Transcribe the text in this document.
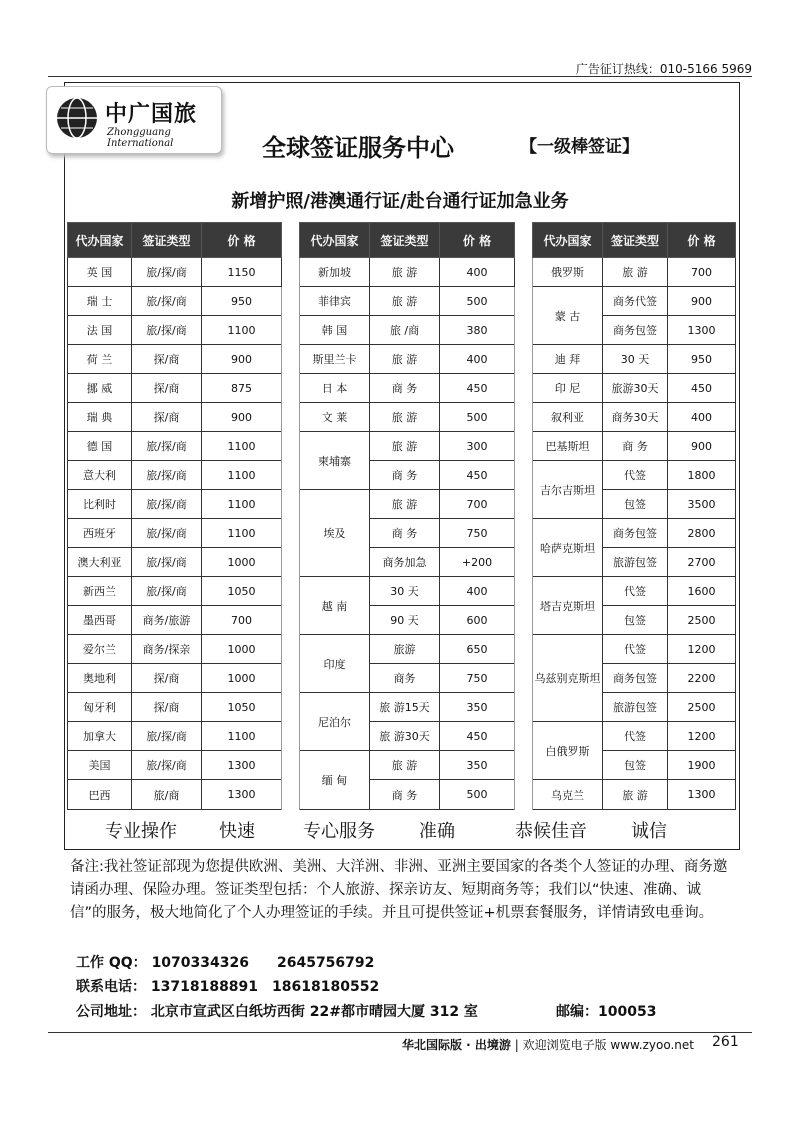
广告征订热线：010-5166 5969
中广国旅
Zhongguang International	全球签证服务中心	【一级棒签证】
新增护照/港澳通行证/赴台通行证加急业务
代办国家	签证类型	价 格		代办国家	签证类型	价 格		代办国家	签证类型	价 格
英 国	旅/探/商	1150		新加坡	旅 游	400		俄罗斯	旅 游	700
瑞 士	旅/探/商	950		菲律宾	旅 游	500		蒙 古	商务代签	900
法 国	旅/探/商	1100		韩 国	旅 /商	380			商务包签	1300
荷 兰	探/商	900		斯里兰卡	旅 游	400		迪 拜	30 天	950
挪 威	探/商	875		日 本	商 务	450		印 尼	旅游30天	450
瑞 典	探/商	900		文 莱	旅 游	500		叙利亚	商务30天	400
德 国	旅/探/商	1100		柬埔寨	旅 游	300		巴基斯坦	商 务	900
意大利	旅/探/商	1100			商 务	450		吉尔吉斯坦	代签	1800
比利时	旅/探/商	1100		埃及	旅 游	700			包签	3500
西班牙	旅/探/商	1100			商 务	750		哈萨克斯坦	商务包签	2800
澳大利亚	旅/探/商	1000			商务加急	+200			旅游包签	2700
新西兰	旅/探/商	1050		越 南	30 天	400		塔吉克斯坦	代签	1600
墨西哥	商务/旅游	700			90 天	600			包签	2500
爱尔兰	商务/探亲	1000		印度	旅游	650		乌兹别克斯坦	代签	1200
奥地利	探/商	1000			商务	750			商务包签	2200
匈牙利	探/商	1050		尼泊尔	旅 游15天	350			旅游包签	2500
加拿大	旅/探/商	1100			旅 游30天	450		白俄罗斯	代签	1200
美国	旅/探/商	1300		缅 甸	旅 游	350			包签	1900
巴西	旅/商	1300			商 务	500		乌克兰	旅 游	1300
专业操作 快速	专心服务 准确	恭候佳音 诚信
备注:我社签证部现为您提供欧洲、美洲、大洋洲、非洲、亚洲主要国家的各类个人签证的办理、商务邀请函办理、保险办理。签证类型包括：个人旅游、探亲访友、短期商务等；我们以“快速、准确、诚信”的服务，极大地简化了个人办理签证的手续。并且可提供签证+机票套餐服务，详情请致电垂询。
工作 QQ： 1070334326　　2645756792
联系电话： 13718188891　18618180552
公司地址： 北京市宣武区白纸坊西街 22#都市晴园大厦 312 室	邮编：100053
华北国际版 · 出境游 | 欢迎浏览电子版 www.zyoo.net 261
